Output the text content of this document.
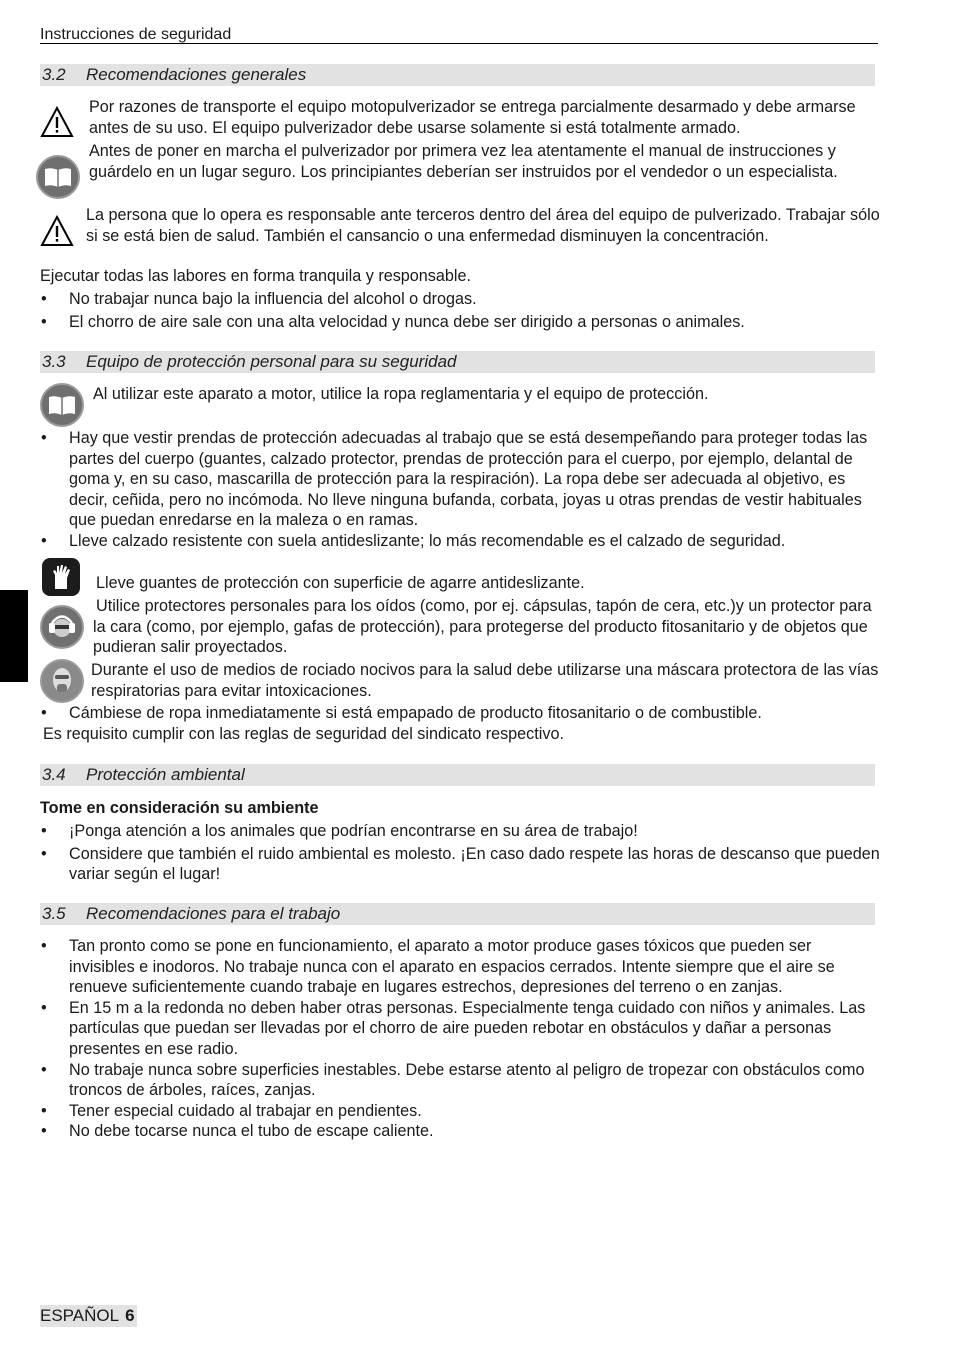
Instrucciones de seguridad
3.2 Recomendaciones generales
Por razones de transporte el equipo motopulverizador se entrega parcialmente desarmado y debe armarse antes de su uso. El equipo pulverizador debe usarse solamente si está totalmente armado.
Antes de poner en marcha el pulverizador por primera vez lea atentamente el manual de instrucciones y guárdelo en un lugar seguro. Los principiantes deberían ser instruidos por el vendedor o un especialista.
La persona que lo opera es responsable ante terceros dentro del área del equipo de pulverizado. Trabajar sólo si se está bien de salud. También el cansancio o una enfermedad disminuyen la concentración.
Ejecutar todas las labores en forma tranquila y responsable.
• No trabajar nunca bajo la influencia del alcohol o drogas.
• El chorro de aire sale con una alta velocidad y nunca debe ser dirigido a personas o animales.
3.3 Equipo de protección personal para su seguridad
Al utilizar este aparato a motor, utilice la ropa reglamentaria y el equipo de protección.
• Hay que vestir prendas de protección adecuadas al trabajo que se está desempeñando para proteger todas las partes del cuerpo (guantes, calzado protector, prendas de protección para el cuerpo, por ejemplo, delantal de goma y, en su caso, mascarilla de protección para la respiración). La ropa debe ser adecuada al objetivo, es decir, ceñida, pero no incómoda. No lleve ninguna bufanda, corbata, joyas u otras prendas de vestir habituales que puedan enredarse en la maleza o en ramas.
• Lleve calzado resistente con suela antideslizante; lo más recomendable es el calzado de seguridad.
Lleve guantes de protección con superficie de agarre antideslizante.
Utilice protectores personales para los oídos (como, por ej. cápsulas, tapón de cera, etc.)y un protector para la cara (como, por ejemplo, gafas de protección), para protegerse del producto fitosanitario y de objetos que pudieran salir proyectados.
Durante el uso de medios de rociado nocivos para la salud debe utilizarse una máscara protectora de las vías respiratorias para evitar intoxicaciones.
• Cámbiese de ropa inmediatamente si está empapado de producto fitosanitario o de combustible.
Es requisito cumplir con las reglas de seguridad del sindicato respectivo.
3.4 Protección ambiental
Tome en consideración su ambiente
• ¡Ponga atención a los animales que podrían encontrarse en su área de trabajo!
• Considere que también el ruido ambiental es molesto. ¡En caso dado respete las horas de descanso que pueden variar según el lugar!
3.5 Recomendaciones para el trabajo
• Tan pronto como se pone en funcionamiento, el aparato a motor produce gases tóxicos que pueden ser invisibles e inodoros. No trabaje nunca con el aparato en espacios cerrados. Intente siempre que el aire se renueve suficientemente cuando trabaje en lugares estrechos, depresiones del terreno o en zanjas.
• En 15 m a la redonda no deben haber otras personas. Especialmente tenga cuidado con niños y animales. Las partículas que puedan ser llevadas por el chorro de aire pueden rebotar en obstáculos y dañar a personas presentes en ese radio.
• No trabaje nunca sobre superficies inestables. Debe estarse atento al peligro de tropezar con obstáculos como troncos de árboles, raíces, zanjas.
• Tener especial cuidado al trabajar en pendientes.
• No debe tocarse nunca el tubo de escape caliente.
ESPAÑOL 6
